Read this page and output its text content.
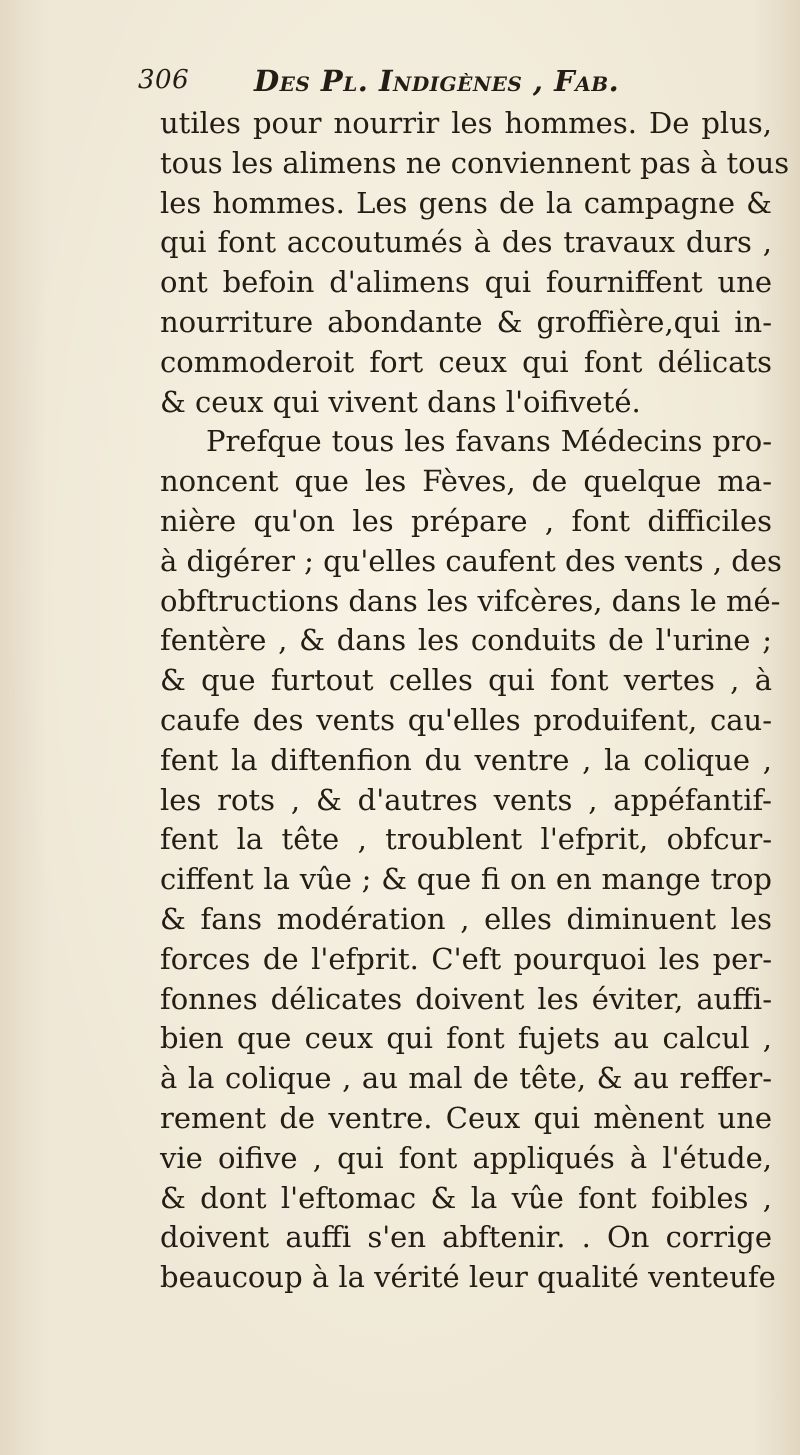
306 Des Pl. Indigènes , Fab.
utiles pour nourrir les hommes. De plus,
tous les alimens ne conviennent pas à tous
les hommes. Les gens de la campagne &
qui font accoutumés à des travaux durs ,
ont befoin d'alimens qui fourniffent une
nourriture abondante & groffière,qui in-
commoderoit fort ceux qui font délicats
& ceux qui vivent dans l'oifiveté.
Prefque tous les favans Médecins pro-
noncent que les Fèves, de quelque ma-
nière qu'on les prépare , font difficiles
à digérer ; qu'elles caufent des vents , des
obftructions dans les vifcères, dans le mé-
fentère , & dans les conduits de l'urine ;
& que furtout celles qui font vertes , à
caufe des vents qu'elles produifent, cau-
fent la diftenfion du ventre , la colique ,
les rots , & d'autres vents , appéfantif-
fent la tête , troublent l'efprit, obfcur-
ciffent la vûe ; & que fi on en mange trop
& fans modération , elles diminuent les
forces de l'efprit. C'eft pourquoi les per-
fonnes délicates doivent les éviter, auffi-
bien que ceux qui font fujets au calcul ,
à la colique , au mal de tête, & au reffer-
rement de ventre. Ceux qui mènent une
vie oifive , qui font appliqués à l'étude,
& dont l'eftomac & la vûe font foibles ,
doivent auffi s'en abftenir. . On corrige
beaucoup à la vérité leur qualité venteufe
